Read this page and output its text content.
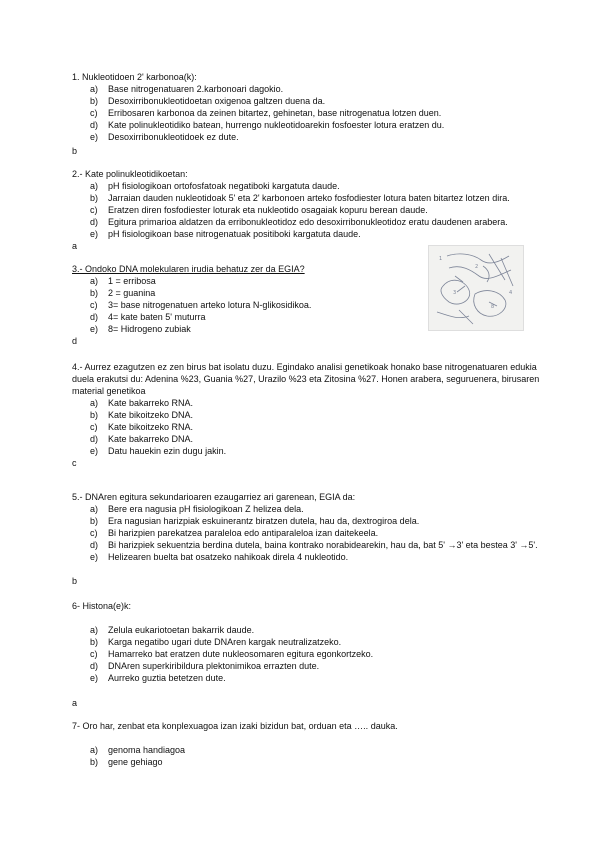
1. Nukleotidoen 2' karbonoa(k):

a) Base nitrogenatuaren 2.karbonoari dagokio.
b) Desoxirribonukleotidoetan oxigenoa galtzen duena da.
c) Erribosaren karbonoa da zeinen bitartez, gehinetan, base nitrogenatua lotzen duen.
d) Kate polinukleotidiko batean, hurrengo nukleotidoarekin fosfoester lotura eratzen du.
e) Desoxirribonukleotidoek ez dute.
b

2.- Kate polinukleotidikoetan:

a) pH fisiologikoan ortofosfatoak negatiboki kargatuta daude.
b) Jarraian dauden nukleotidoak 5' eta 2' karbonoen arteko fosfodiester lotura baten bitartez lotzen dira.
c) Eratzen diren fosfodiester loturak eta nukleotido osagaiak kopuru berean daude.
d) Egitura primarioa aldatzen da erribonukleotidoz edo desoxirribonukleotidoz eratu daudenen arabera.
e) pH fisiologikoan base nitrogenatuak positiboki kargatuta daude.
a

3.- Ondoko DNA molekularen irudia behatuz zer da EGIA?

a) 1 = erribosa
b) 2 = guanina
c) 3= base nitrogenatuen arteko lotura N-glikosidikoa.
d) 4= kate baten 5' muturra
e) 8= Hidrogeno zubiak
d
1
2
3	4
8

4.- Aurrez ezagutzen ez zen birus bat isolatu duzu. Egindako analisi genetikoak honako base nitrogenatuaren edukia duela erakutsi du: Adenina %23, Guania %27, Urazilo %23 eta Zitosina %27. Honen arabera, seguruenera, birusaren material genetikoa

a) Kate bakarreko RNA.
b) Kate bikoitzeko DNA.
c) Kate bikoitzeko RNA.
d) Kate bakarreko DNA.
e) Datu hauekin ezin dugu jakin.
c

5.- DNAren egitura sekundarioaren ezaugarriez ari garenean, EGIA da:

a) Bere era nagusia pH fisiologikoan Z helizea dela.
b) Era nagusian harizpiak eskuinerantz biratzen dutela, hau da, dextrogiroa dela.
c) Bi harizpien parekatzea paraleloa edo antiparaleloa izan daitekeela.
d) Bi harizpiek sekuentzia berdina dutela, baina kontrako norabidearekin, hau da, bat 5' →3' eta bestea 3' →5'.
e) Helizearen buelta bat osatzeko nahikoak direla 4 nukleotido.
b

6- Histona(e)k:

a) Zelula eukariotoetan bakarrik daude.
b) Karga negatibo ugari dute DNAren kargak neutralizatzeko.
c) Hamarreko bat eratzen dute nukleosomaren egitura egonkortzeko.
d) DNAren superkiribildura plektonimikoa errazten dute.
e) Aurreko guztia betetzen dute.
a

7- Oro har, zenbat eta konplexuagoa izan izaki bizidun bat, orduan eta ….. dauka.

a) genoma handiagoa
b) gene gehiago
